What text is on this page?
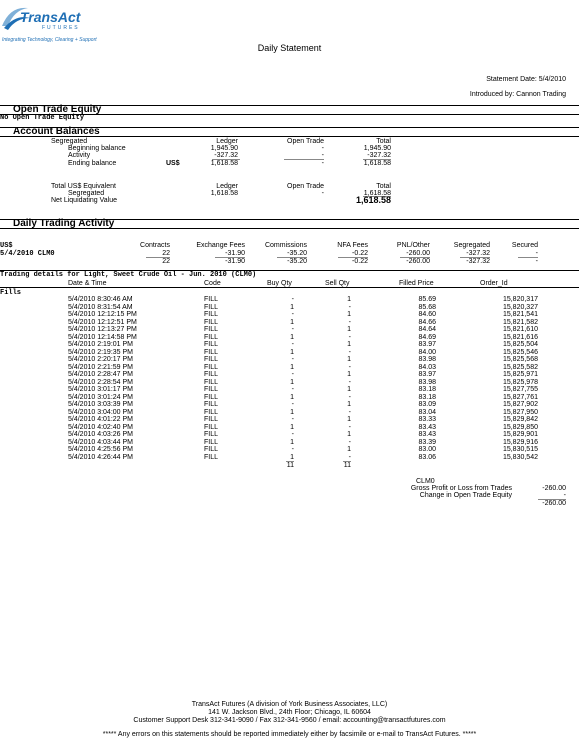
TransAct
FUTURES
Integrating Technology, Clearing + Support
Daily Statement
Statement Date: 5/4/2010
Introduced by: Cannon Trading
Open Trade Equity
No Open Trade Equity
Account Balances
Segregated	Ledger	Open Trade	Total
Beginning balance	1,945.90	-	1,945.90
Activity	-327.32	-	-327.32
Ending balance	US$	1,618.58	-	1,618.58
Total US$ Equivalent	Ledger	Open Trade	Total
Segregated	1,618.58	-	1,618.58
Net Liquidating Value	1,618.58
Daily Trading Activity
US$	Contracts	Exchange Fees	Commissions	NFA Fees	PNL/Other	Segregated	Secured
5/4/2010 CLM0	22	-31.90	-35.20	-0.22	-260.00	-327.32	-
22	-31.90	-35.20	-0.22	-260.00	-327.32	-
Trading details for Light, Sweet Crude Oil - Jun. 2010 (CLM0)
Date & Time	Code	Buy Qty	Sell Qty	Filled Price	Order_Id
Fills
5/4/2010 8:30:46 AM	FILL	-	1	85.69	15,820,317
5/4/2010 8:31:54 AM	FILL	1	-	85.68	15,820,327
5/4/2010 12:12:15 PM	FILL	-	1	84.60	15,821,541
5/4/2010 12:12:51 PM	FILL	1	-	84.66	15,821,582
5/4/2010 12:13:27 PM	FILL	-	1	84.64	15,821,610
5/4/2010 12:14:58 PM	FILL	1	-	84.69	15,821,616
5/4/2010 2:19:01 PM	FILL	-	1	83.97	15,825,504
5/4/2010 2:19:35 PM	FILL	1	-	84.00	15,825,546
5/4/2010 2:20:17 PM	FILL	-	1	83.98	15,825,568
5/4/2010 2:21:59 PM	FILL	1	-	84.03	15,825,582
5/4/2010 2:28:47 PM	FILL	-	1	83.97	15,825,971
5/4/2010 2:28:54 PM	FILL	1	-	83.98	15,825,978
5/4/2010 3:01:17 PM	FILL	-	1	83.18	15,827,755
5/4/2010 3:01:24 PM	FILL	1	-	83.18	15,827,761
5/4/2010 3:03:39 PM	FILL	-	1	83.09	15,827,902
5/4/2010 3:04:00 PM	FILL	1	-	83.04	15,827,950
5/4/2010 4:01:22 PM	FILL	-	1	83.33	15,829,842
5/4/2010 4:02:40 PM	FILL	1	-	83.43	15,829,850
5/4/2010 4:03:26 PM	FILL	-	1	83.43	15,829,901
5/4/2010 4:03:44 PM	FILL	1	-	83.39	15,829,916
5/4/2010 4:25:56 PM	FILL	-	1	83.00	15,830,515
5/4/2010 4:26:44 PM	FILL	1	-	83.06	15,830,542
11	11
CLM0
Gross Profit or Loss from Trades	-260.00
Change in Open Trade Equity	-
-260.00
TransAct Futures (A division of York Business Associates, LLC)
141 W. Jackson Blvd., 24th Floor; Chicago, IL 60604
Customer Support Desk 312-341-9090 / Fax 312-341-9560 / email: accounting@transactfutures.com
***** Any errors on this statements should be reported immediately either by facsimile or e-mail to TransAct Futures. *****
